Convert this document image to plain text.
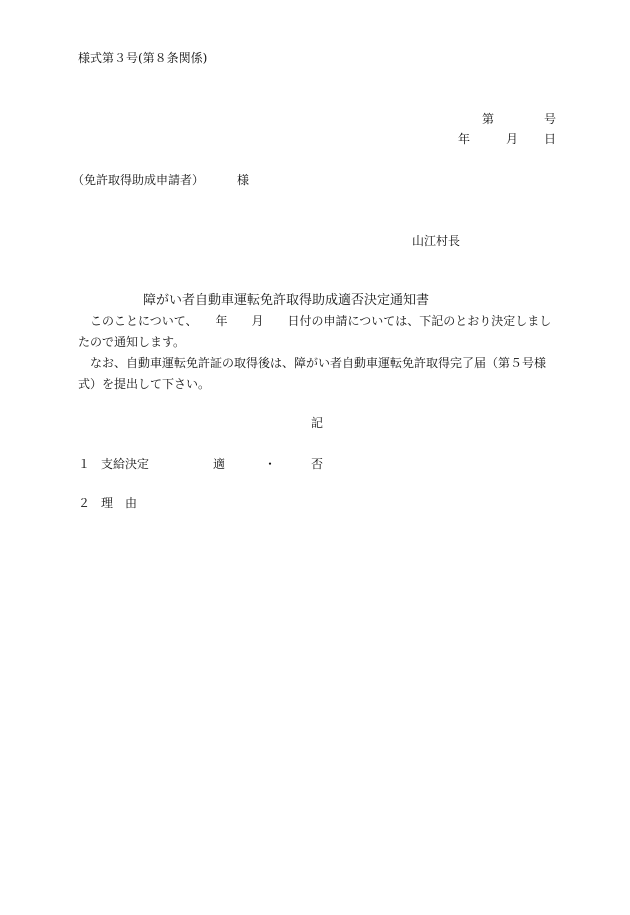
様式第３号(第８条関係)
第	号
年	月 日
（免許取得助成申請者）	様
山江村長
障がい者自動車運転免許取得助成適否決定通知書
　このことについて、　　年　　月　　日付の申請については、下記のとおり決定しましたので通知します。
　なお、自動車運転免許証の取得後は、障がい者自動車運転免許取得完了届（第５号様式）を提出して下さい。
記
１ 支給決定	適	・	否
２ 理　由
